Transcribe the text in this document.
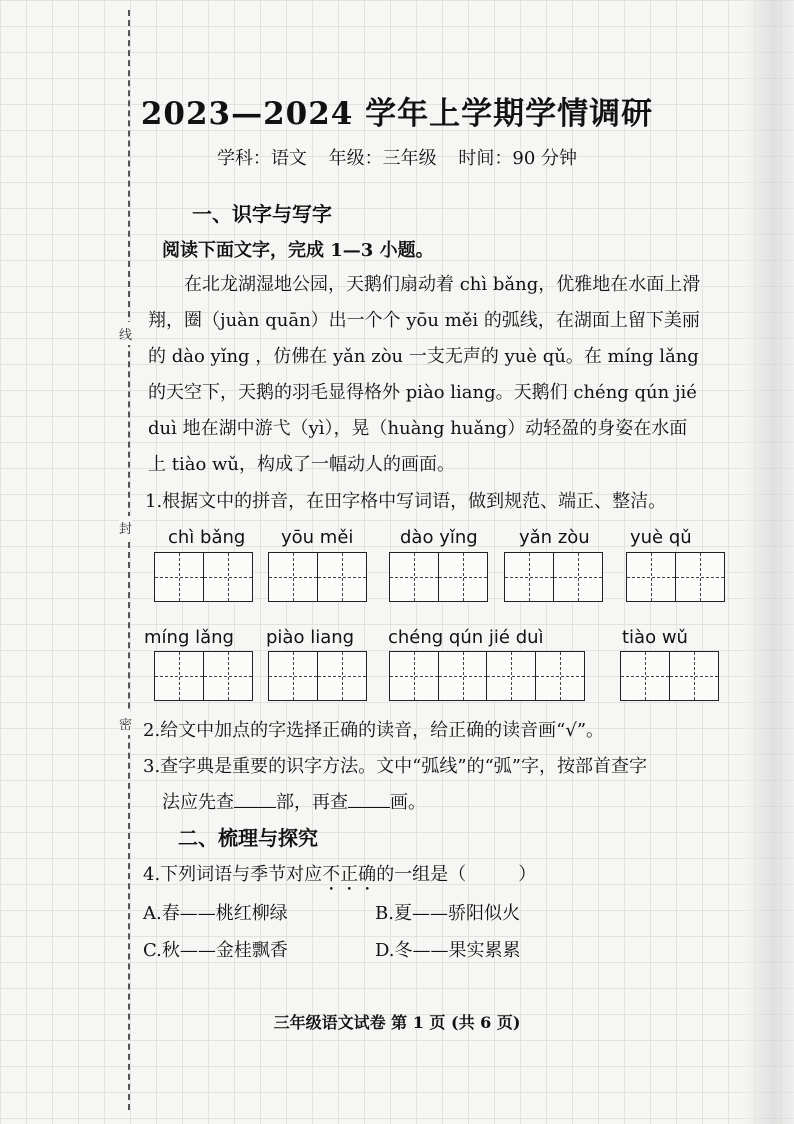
线
封
密
2023—2024 学年上学期学情调研
学科：语文 年级：三年级 时间：90 分钟
一、识字与写字
阅读下面文字，完成 1—3 小题。
在北龙湖湿地公园，天鹅们扇动着 chì bǎng，优雅地在水面上滑
翔，圈（juàn quān）出一个个 yōu měi 的弧线，在湖面上留下美丽
的 dào yǐng ，仿佛在 yǎn zòu 一支无声的 yuè qǔ。在 míng lǎng
的天空下，天鹅的羽毛显得格外 piào liang。天鹅们 chéng qún jié
duì 地在湖中游弋（yì），晃（huàng huǎng）动轻盈的身姿在水面
上 tiào wǔ，构成了一幅动人的画面。
1.根据文中的拼音，在田字格中写词语，做到规范、端正、整洁。
chì bǎng yōu měi	dào yǐng yǎn zòu yuè qǔ
míng lǎng piào liang chéng qún jié duì	tiào wǔ
2.给文中加点的字选择正确的读音，给正确的读音画“√”。
3.查字典是重要的识字方法。文中“弧线”的“弧”字，按部首查字
法应先查 部，再查 画。
二、梳理与探究
4.下列词语与季节对应不正确的一组是（	）
A.春——桃红柳绿	B.夏——骄阳似火
C.秋——金桂飘香	D.冬——果实累累
三年级语文试卷 第 1 页 (共 6 页)
